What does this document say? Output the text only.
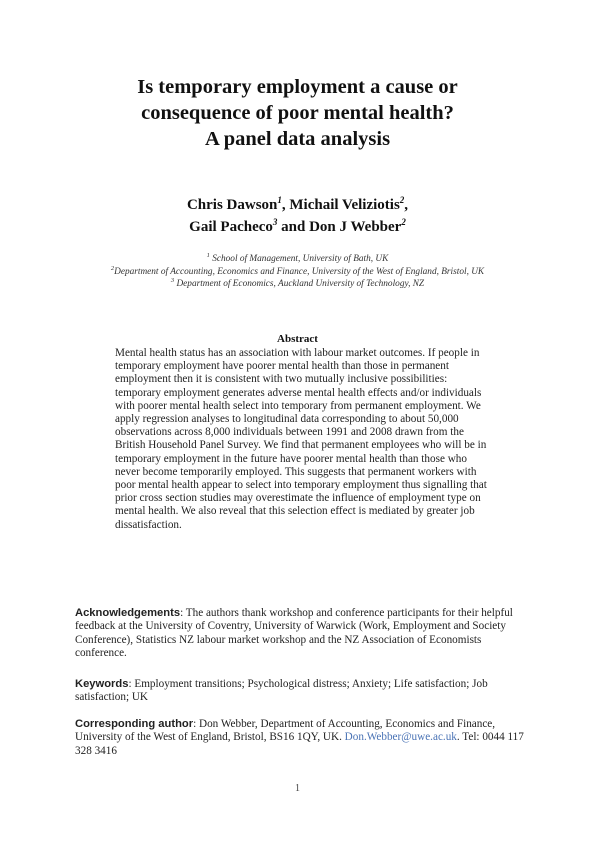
Is temporary employment a cause or
consequence of poor mental health?
A panel data analysis
Chris Dawson$^1$, Michail Veliziotis$^2$,
Gail Pacheco$^3$ and Don J Webber$^2$
$^1$ School of Management, University of Bath, UK
$^2$Department of Accounting, Economics and Finance, University of the West of England, Bristol, UK
$^3$ Department of Economics, Auckland University of Technology, NZ
Abstract
Mental health status has an association with labour market outcomes. If people in temporary employment have poorer mental health than those in permanent employment then it is consistent with two mutually inclusive possibilities: temporary employment generates adverse mental health effects and/or individuals with poorer mental health select into temporary from permanent employment. We apply regression analyses to longitudinal data corresponding to about 50,000 observations across 8,000 individuals between 1991 and 2008 drawn from the British Household Panel Survey. We find that permanent employees who will be in temporary employment in the future have poorer mental health than those who never become temporarily employed. This suggests that permanent workers with poor mental health appear to select into temporary employment thus signalling that prior cross section studies may overestimate the influence of employment type on mental health. We also reveal that this selection effect is mediated by greater job dissatisfaction.
Acknowledgements: The authors thank workshop and conference participants for their helpful feedback at the University of Coventry, University of Warwick (Work, Employment and Society Conference), Statistics NZ labour market workshop and the NZ Association of Economists conference.
Keywords: Employment transitions; Psychological distress; Anxiety; Life satisfaction; Job satisfaction; UK
Corresponding author: Don Webber, Department of Accounting, Economics and Finance, University of the West of England, Bristol, BS16 1QY, UK. Don.Webber@uwe.ac.uk. Tel: 0044 117 328 3416
1
